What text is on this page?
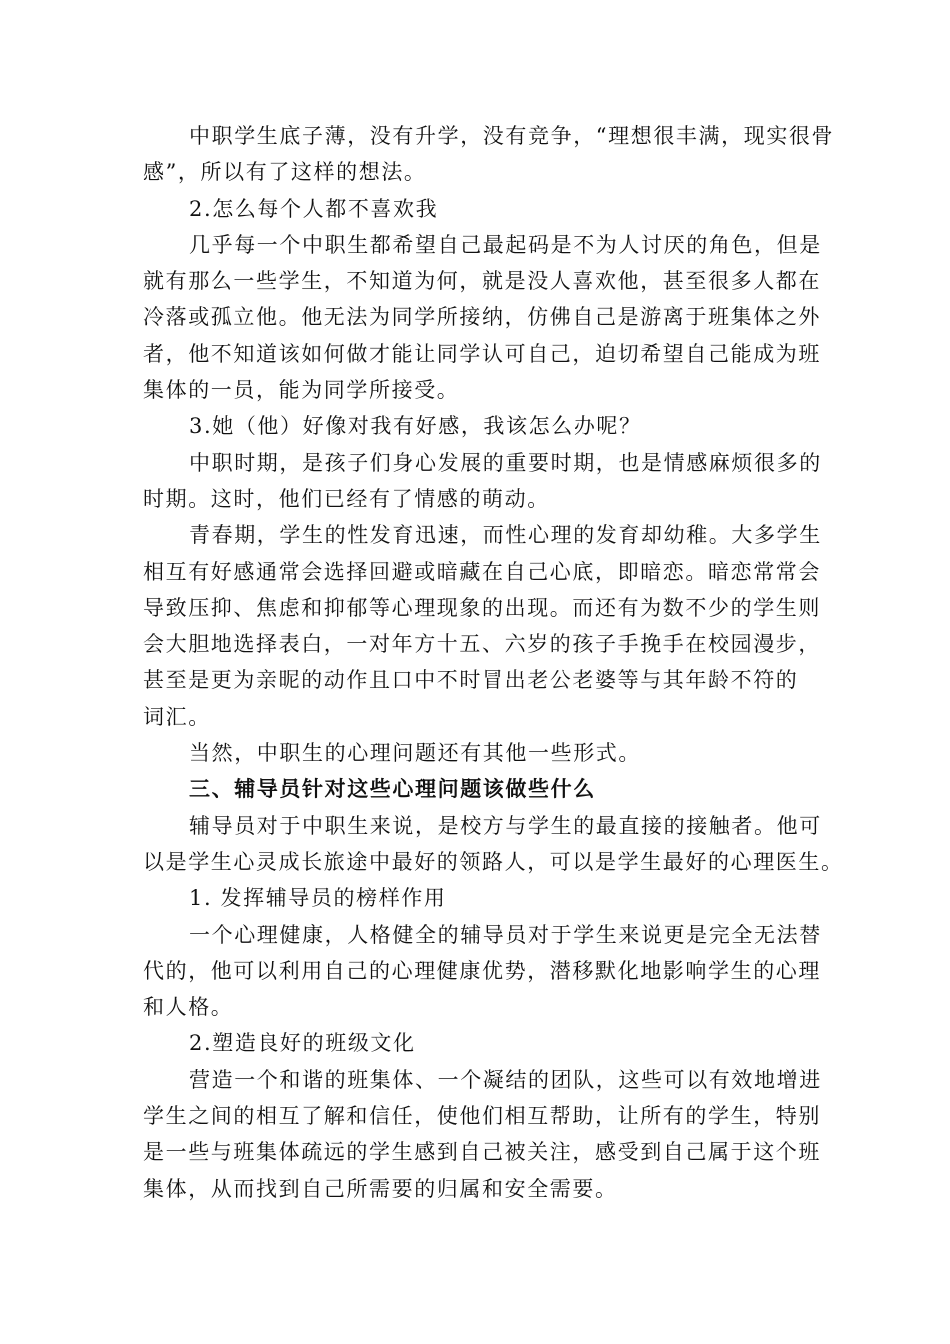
中职学生底子薄，没有升学，没有竞争，“理想很丰满，现实很骨
感”，所以有了这样的想法。
2.怎么每个人都不喜欢我
几乎每一个中职生都希望自己最起码是不为人讨厌的角色，但是
就有那么一些学生，不知道为何，就是没人喜欢他，甚至很多人都在
冷落或孤立他。他无法为同学所接纳，仿佛自己是游离于班集体之外
者，他不知道该如何做才能让同学认可自己，迫切希望自己能成为班
集体的一员，能为同学所接受。
3.她（他）好像对我有好感，我该怎么办呢？
中职时期，是孩子们身心发展的重要时期，也是情感麻烦很多的
时期。这时，他们已经有了情感的萌动。
青春期，学生的性发育迅速，而性心理的发育却幼稚。大多学生
相互有好感通常会选择回避或暗藏在自己心底，即暗恋。暗恋常常会
导致压抑、焦虑和抑郁等心理现象的出现。而还有为数不少的学生则
会大胆地选择表白，一对年方十五、六岁的孩子手挽手在校园漫步，
甚至是更为亲昵的动作且口中不时冒出老公老婆等与其年龄不符的
词汇。
当然，中职生的心理问题还有其他一些形式。
三、辅导员针对这些心理问题该做些什么
辅导员对于中职生来说，是校方与学生的最直接的接触者。他可
以是学生心灵成长旅途中最好的领路人，可以是学生最好的心理医生。
1. 发挥辅导员的榜样作用
一个心理健康，人格健全的辅导员对于学生来说更是完全无法替
代的，他可以利用自己的心理健康优势，潜移默化地影响学生的心理
和人格。
2.塑造良好的班级文化
营造一个和谐的班集体、一个凝结的团队，这些可以有效地增进
学生之间的相互了解和信任，使他们相互帮助，让所有的学生，特别
是一些与班集体疏远的学生感到自己被关注，感受到自己属于这个班
集体，从而找到自己所需要的归属和安全需要。
